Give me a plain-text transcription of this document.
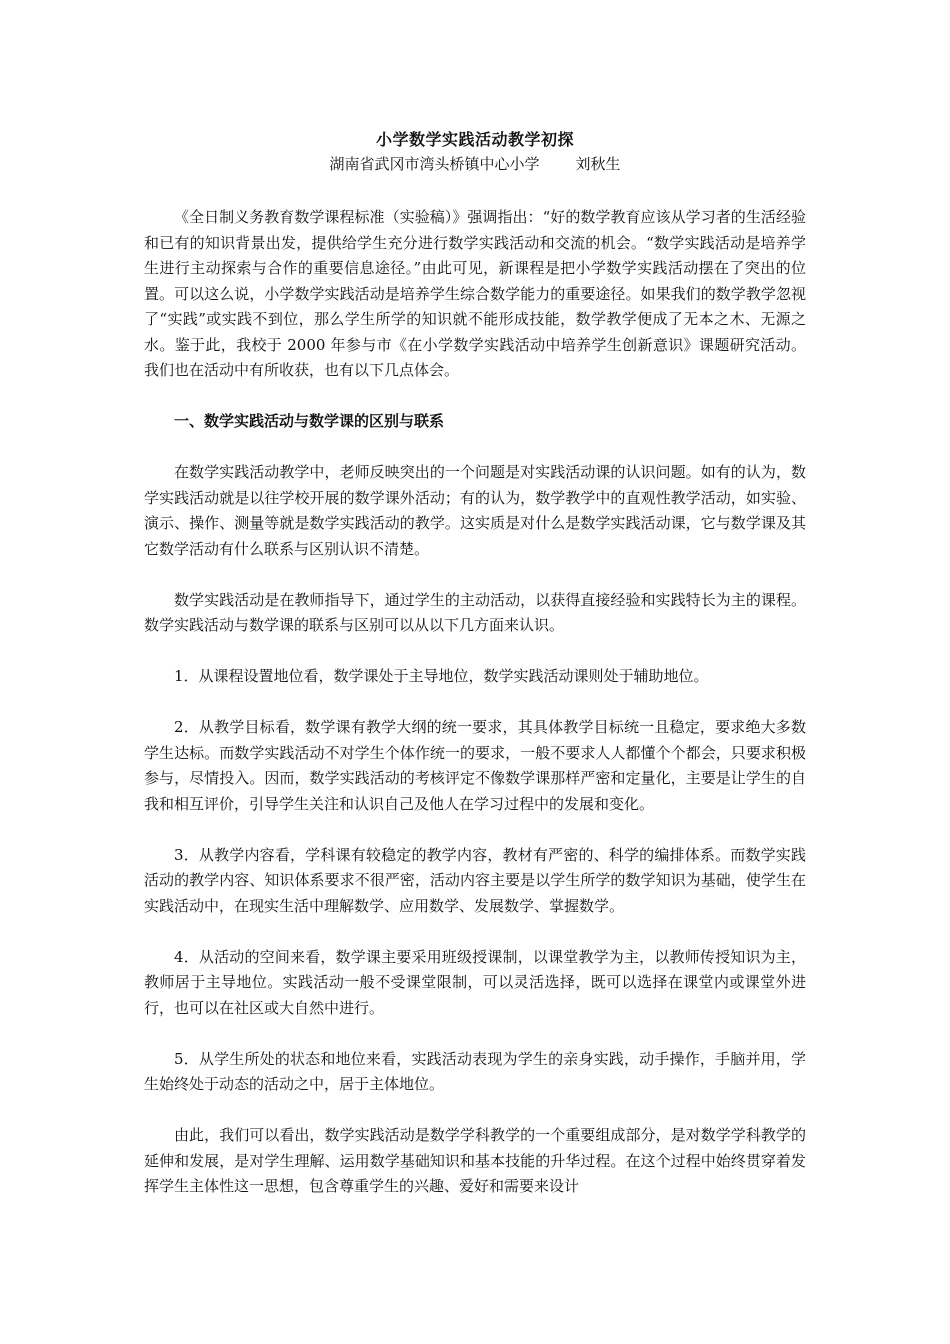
小学数学实践活动教学初探
湖南省武冈市湾头桥镇中心小学 刘秋生

《全日制义务教育数学课程标准（实验稿）》强调指出：“好的数学教育应该从学习者的生活经验和已有的知识背景出发，提供给学生充分进行数学实践活动和交流的机会。“数学实践活动是培养学生进行主动探索与合作的重要信息途径。”由此可见，新课程是把小学数学实践活动摆在了突出的位置。可以这么说，小学数学实践活动是培养学生综合数学能力的重要途径。如果我们的数学教学忽视了“实践”或实践不到位，那么学生所学的知识就不能形成技能，数学教学便成了无本之木、无源之水。鉴于此，我校于 2000 年参与市《在小学数学实践活动中培养学生创新意识》课题研究活动。我们也在活动中有所收获，也有以下几点体会。

一、数学实践活动与数学课的区别与联系

在数学实践活动教学中，老师反映突出的一个问题是对实践活动课的认识问题。如有的认为，数学实践活动就是以往学校开展的数学课外活动；有的认为，数学教学中的直观性教学活动，如实验、演示、操作、测量等就是数学实践活动的教学。这实质是对什么是数学实践活动课，它与数学课及其它数学活动有什么联系与区别认识不清楚。

数学实践活动是在教师指导下，通过学生的主动活动，以获得直接经验和实践特长为主的课程。数学实践活动与数学课的联系与区别可以从以下几方面来认识。

1．从课程设置地位看，数学课处于主导地位，数学实践活动课则处于辅助地位。

2．从教学目标看，数学课有教学大纲的统一要求，其具体教学目标统一且稳定，要求绝大多数学生达标。而数学实践活动不对学生个体作统一的要求，一般不要求人人都懂个个都会，只要求积极参与，尽情投入。因而，数学实践活动的考核评定不像数学课那样严密和定量化，主要是让学生的自我和相互评价，引导学生关注和认识自己及他人在学习过程中的发展和变化。

3．从教学内容看，学科课有较稳定的教学内容，教材有严密的、科学的编排体系。而数学实践活动的教学内容、知识体系要求不很严密，活动内容主要是以学生所学的数学知识为基础，使学生在实践活动中，在现实生活中理解数学、应用数学、发展数学、掌握数学。

4．从活动的空间来看，数学课主要采用班级授课制，以课堂教学为主，以教师传授知识为主，教师居于主导地位。实践活动一般不受课堂限制，可以灵活选择，既可以选择在课堂内或课堂外进行，也可以在社区或大自然中进行。

5．从学生所处的状态和地位来看，实践活动表现为学生的亲身实践，动手操作，手脑并用，学生始终处于动态的活动之中，居于主体地位。

由此，我们可以看出，数学实践活动是数学学科教学的一个重要组成部分，是对数学学科教学的延伸和发展，是对学生理解、运用数学基础知识和基本技能的升华过程。在这个过程中始终贯穿着发挥学生主体性这一思想，包含尊重学生的兴趣、爱好和需要来设计
